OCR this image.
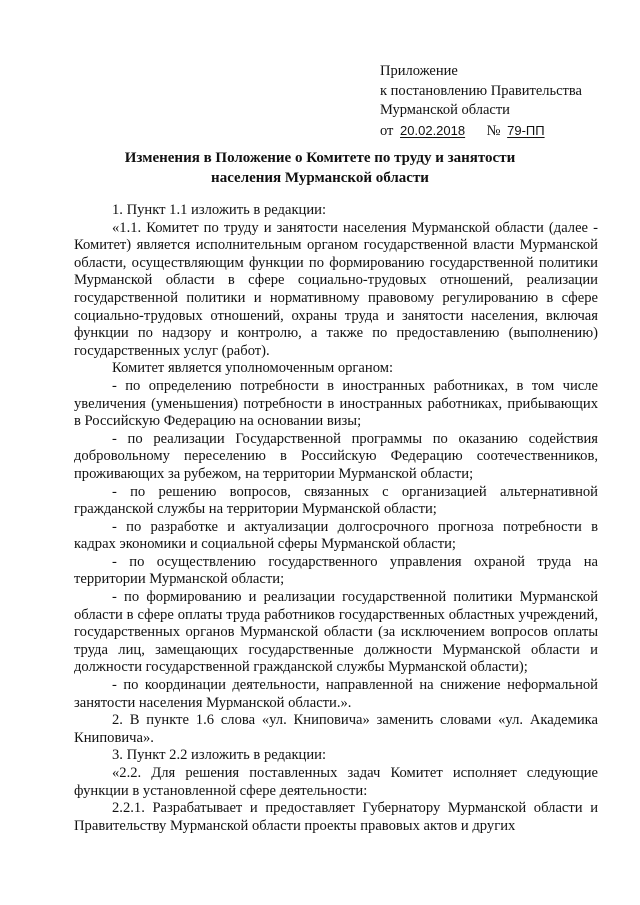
Приложение
к постановлению Правительства
Мурманской области
от 20.02.2018 № 79-ПП
Изменения в Положение о Комитете по труду и занятости
населения Мурманской области

1. Пункт 1.1 изложить в редакции:

«1.1. Комитет по труду и занятости населения Мурманской области (далее - Комитет) является исполнительным органом государственной власти Мурманской области, осуществляющим функции по формированию государственной политики Мурманской области в сфере социально-трудовых отношений, реализации государственной политики и нормативному правовому регулированию в сфере социально-трудовых отношений, охраны труда и занятости населения, включая функции по надзору и контролю, а также по предоставлению (выполнению) государственных услуг (работ).

Комитет является уполномоченным органом:

- по определению потребности в иностранных работниках, в том числе увеличения (уменьшения) потребности в иностранных работниках, прибывающих в Российскую Федерацию на основании визы;

- по реализации Государственной программы по оказанию содействия добровольному переселению в Российскую Федерацию соотечественников, проживающих за рубежом, на территории Мурманской области;

- по решению вопросов, связанных с организацией альтернативной гражданской службы на территории Мурманской области;

- по разработке и актуализации долгосрочного прогноза потребности в кадрах экономики и социальной сферы Мурманской области;

- по осуществлению государственного управления охраной труда на территории Мурманской области;

- по формированию и реализации государственной политики Мурманской области в сфере оплаты труда работников государственных областных учреждений, государственных органов Мурманской области (за исключением вопросов оплаты труда лиц, замещающих государственные должности Мурманской области и должности государственной гражданской службы Мурманской области);

- по координации деятельности, направленной на снижение неформальной занятости населения Мурманской области.».

2. В пункте 1.6 слова «ул. Книповича» заменить словами «ул. Академика Книповича».

3. Пункт 2.2 изложить в редакции:

«2.2. Для решения поставленных задач Комитет исполняет следующие функции в установленной сфере деятельности:

2.2.1. Разрабатывает и предоставляет Губернатору Мурманской области и Правительству Мурманской области проекты правовых актов и других
